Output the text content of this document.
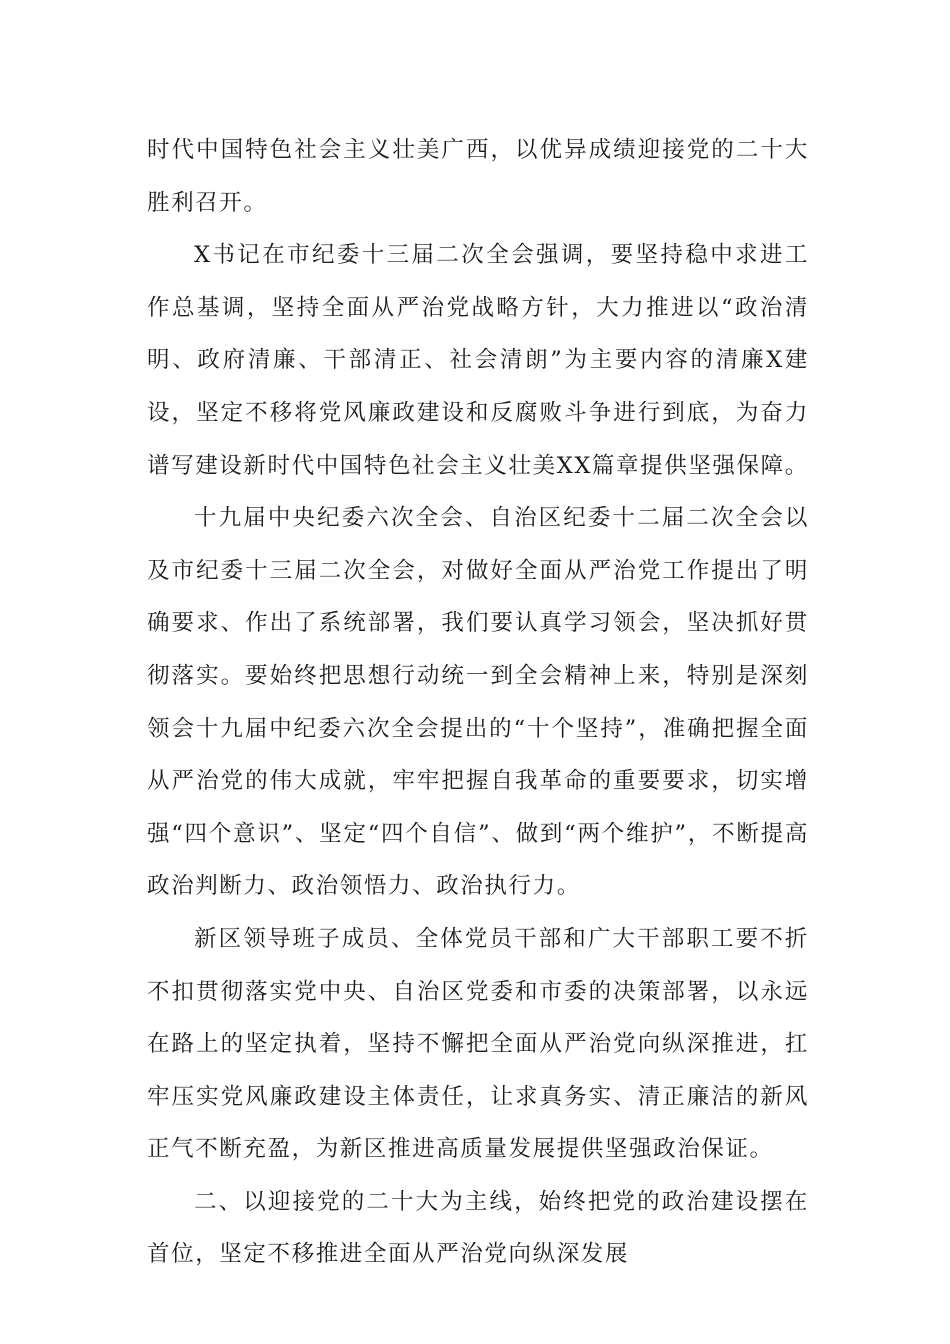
时代中国特色社会主义壮美广西，以优异成绩迎接党的二十大胜利召开。

X书记在市纪委十三届二次全会强调，要坚持稳中求进工作总基调，坚持全面从严治党战略方针，大力推进以“政治清明、政府清廉、干部清正、社会清朗”为主要内容的清廉X建设，坚定不移将党风廉政建设和反腐败斗争进行到底，为奋力谱写建设新时代中国特色社会主义壮美XX篇章提供坚强保障。

十九届中央纪委六次全会、自治区纪委十二届二次全会以及市纪委十三届二次全会，对做好全面从严治党工作提出了明确要求、作出了系统部署，我们要认真学习领会，坚决抓好贯彻落实。要始终把思想行动统一到全会精神上来，特别是深刻领会十九届中纪委六次全会提出的“十个坚持”，准确把握全面从严治党的伟大成就，牢牢把握自我革命的重要要求，切实增强“四个意识”、坚定“四个自信”、做到“两个维护”，不断提高政治判断力、政治领悟力、政治执行力。

新区领导班子成员、全体党员干部和广大干部职工要不折不扣贯彻落实党中央、自治区党委和市委的决策部署，以永远在路上的坚定执着，坚持不懈把全面从严治党向纵深推进，扛牢压实党风廉政建设主体责任，让求真务实、清正廉洁的新风正气不断充盈，为新区推进高质量发展提供坚强政治保证。

二、以迎接党的二十大为主线，始终把党的政治建设摆在首位，坚定不移推进全面从严治党向纵深发展
